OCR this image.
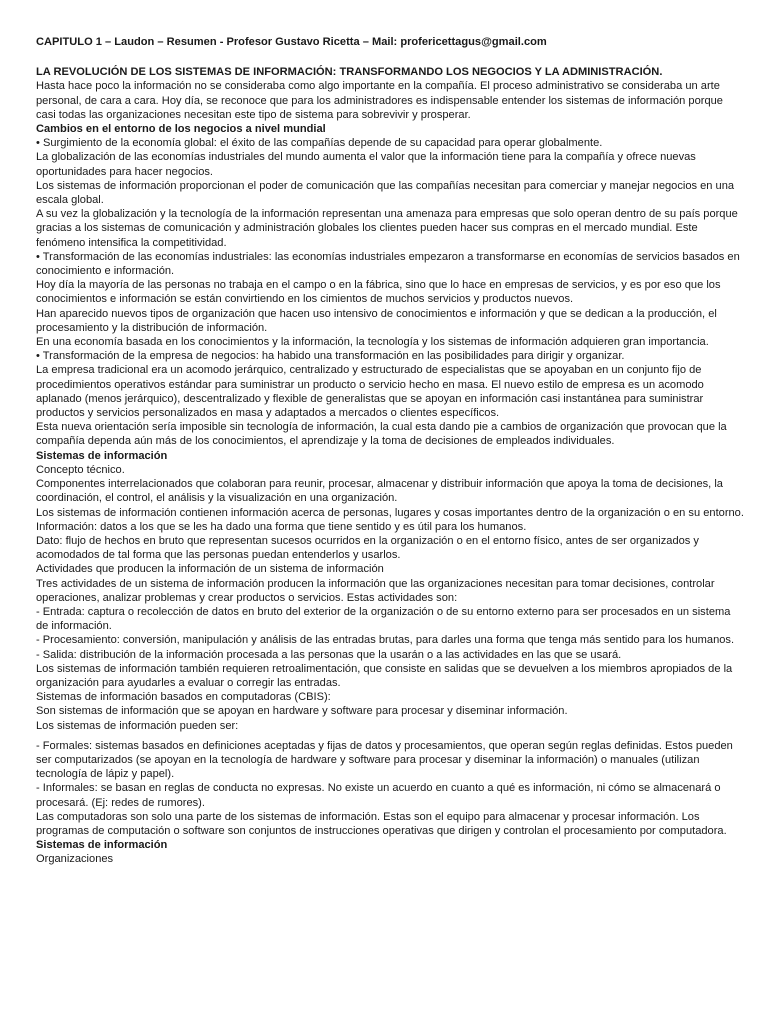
CAPITULO 1 – Laudon – Resumen - Profesor Gustavo Ricetta – Mail: profericettagus@gmail.com

LA REVOLUCIÓN DE LOS SISTEMAS DE INFORMACIÓN: TRANSFORMANDO LOS NEGOCIOS Y LA ADMINISTRACIÓN.

Hasta hace poco la información no se consideraba como algo importante en la compañía. El proceso administrativo se consideraba un arte personal, de cara a cara. Hoy día, se reconoce que para los administradores es indispensable entender los sistemas de información porque casi todas las organizaciones necesitan este tipo de sistema para sobrevivir y prosperar.

Cambios en el entorno de los negocios a nivel mundial

• Surgimiento de la economía global: el éxito de las compañías depende de su capacidad para operar globalmente.

La globalización de las economías industriales del mundo aumenta el valor que la información tiene para la compañía y ofrece nuevas oportunidades para hacer negocios.

Los sistemas de información proporcionan el poder de comunicación que las compañías necesitan para comerciar y manejar negocios en una escala global.

A su vez la globalización y la tecnología de la información representan una amenaza para empresas que solo operan dentro de su país porque gracias a los sistemas de comunicación y administración globales los clientes pueden hacer sus compras en el mercado mundial. Este fenómeno intensifica la competitividad.

• Transformación de las economías industriales: las economías industriales empezaron a transformarse en economías de servicios basados en conocimiento e información.

Hoy día la mayoría de las personas no trabaja en el campo o en la fábrica, sino que lo hace en empresas de servicios, y es por eso que los conocimientos e información se están convirtiendo en los cimientos de muchos servicios y productos nuevos.

Han aparecido nuevos tipos de organización que hacen uso intensivo de conocimientos e información y que se dedican a la producción, el procesamiento y la distribución de información.

En una economía basada en los conocimientos y la información, la tecnología y los sistemas de información adquieren gran importancia.

• Transformación de la empresa de negocios: ha habido una transformación en las posibilidades para dirigir y organizar.

La empresa tradicional era un acomodo jerárquico, centralizado y estructurado de especialistas que se apoyaban en un conjunto fijo de procedimientos operativos estándar para suministrar un producto o servicio hecho en masa. El nuevo estilo de empresa es un acomodo aplanado (menos jerárquico), descentralizado y flexible de generalistas que se apoyan en información casi instantánea para suministrar productos y servicios personalizados en masa y adaptados a mercados o clientes específicos.

Esta nueva orientación sería imposible sin tecnología de información, la cual esta dando pie a cambios de organización que provocan que la compañía dependa aún más de los conocimientos, el aprendizaje y la toma de decisiones de empleados individuales.

Sistemas de información

Concepto técnico.

Componentes interrelacionados que colaboran para reunir, procesar, almacenar y distribuir información que apoya la toma de decisiones, la coordinación, el control, el análisis y la visualización en una organización.

Los sistemas de información contienen información acerca de personas, lugares y cosas importantes dentro de la organización o en su entorno.

Información: datos a los que se les ha dado una forma que tiene sentido y es útil para los humanos.

Dato: flujo de hechos en bruto que representan sucesos ocurridos en la organización o en el entorno físico, antes de ser organizados y acomodados de tal forma que las personas puedan entenderlos y usarlos.

Actividades que producen la información de un sistema de información

Tres actividades de un sistema de información producen la información que las organizaciones necesitan para tomar decisiones, controlar operaciones, analizar problemas y crear productos o servicios. Estas actividades son:

- Entrada: captura o recolección de datos en bruto del exterior de la organización o de su entorno externo para ser procesados en un sistema de información.

- Procesamiento: conversión, manipulación y análisis de las entradas brutas, para darles una forma que tenga más sentido para los humanos.

- Salida: distribución de la información procesada a las personas que la usarán o a las actividades en las que se usará.

Los sistemas de información también requieren retroalimentación, que consiste en salidas que se devuelven a los miembros apropiados de la organización para ayudarles a evaluar o corregir las entradas.

Sistemas de información basados en computadoras (CBIS):

Son sistemas de información que se apoyan en hardware y software para procesar y diseminar información.

Los sistemas de información pueden ser:

- Formales: sistemas basados en definiciones aceptadas y fijas de datos y procesamientos, que operan según reglas definidas. Estos pueden ser computarizados (se apoyan en la tecnología de hardware y software para procesar y diseminar la información) o manuales (utilizan tecnología de lápiz y papel).

- Informales: se basan en reglas de conducta no expresas. No existe un acuerdo en cuanto a qué es información, ni cómo se almacenará o procesará. (Ej: redes de rumores).

Las computadoras son solo una parte de los sistemas de información. Estas son el equipo para almacenar y procesar información. Los programas de computación o software son conjuntos de instrucciones operativas que dirigen y controlan el procesamiento por computadora.

Sistemas de información

Organizaciones
